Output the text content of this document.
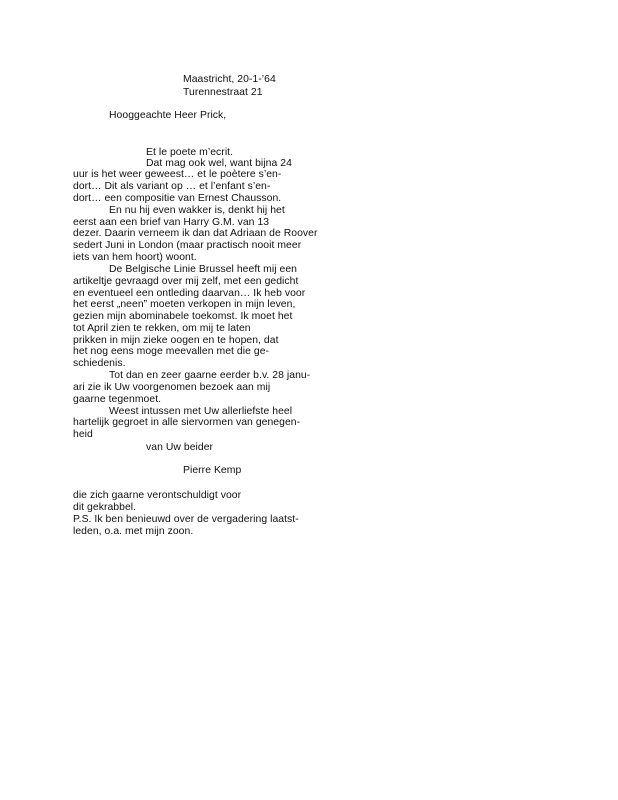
Maastricht, 20-1-’64
Turennestraat 21
Hooggeachte Heer Prick,
Et le poete m’ecrit.
Dat mag ook wel, want bijna 24
uur is het weer geweest… et le poètere s’en-
dort… Dit als variant op … et l’enfant s’en-
dort… een compositie van Ernest Chausson.
En nu hij even wakker is, denkt hij het
eerst aan een brief van Harry G.M. van 13
dezer. Daarin verneem ik dan dat Adriaan de Roover
sedert Juni in London (maar practisch nooit meer
iets van hem hoort) woont.
De Belgische Linie Brussel heeft mij een
artikeltje gevraagd over mij zelf, met een gedicht
en eventueel een ontleding daarvan… Ik heb voor
het eerst „neen” moeten verkopen in mijn leven,
gezien mijn abominabele toekomst. Ik moet het
tot April zien te rekken, om mij te laten
prikken in mijn zieke oogen en te hopen, dat
het nog eens moge meevallen met die ge-
schiedenis.
Tot dan en zeer gaarne eerder b.v. 28 janu-
ari zie ik Uw voorgenomen bezoek aan mij
gaarne tegenmoet.
Weest intussen met Uw allerliefste heel
hartelijk gegroet in alle siervormen van genegen-
heid
van Uw beider
Pierre Kemp
die zich gaarne verontschuldigt voor
dit gekrabbel.
P.S. Ik ben benieuwd over de vergadering laatst-
leden, o.a. met mijn zoon.
